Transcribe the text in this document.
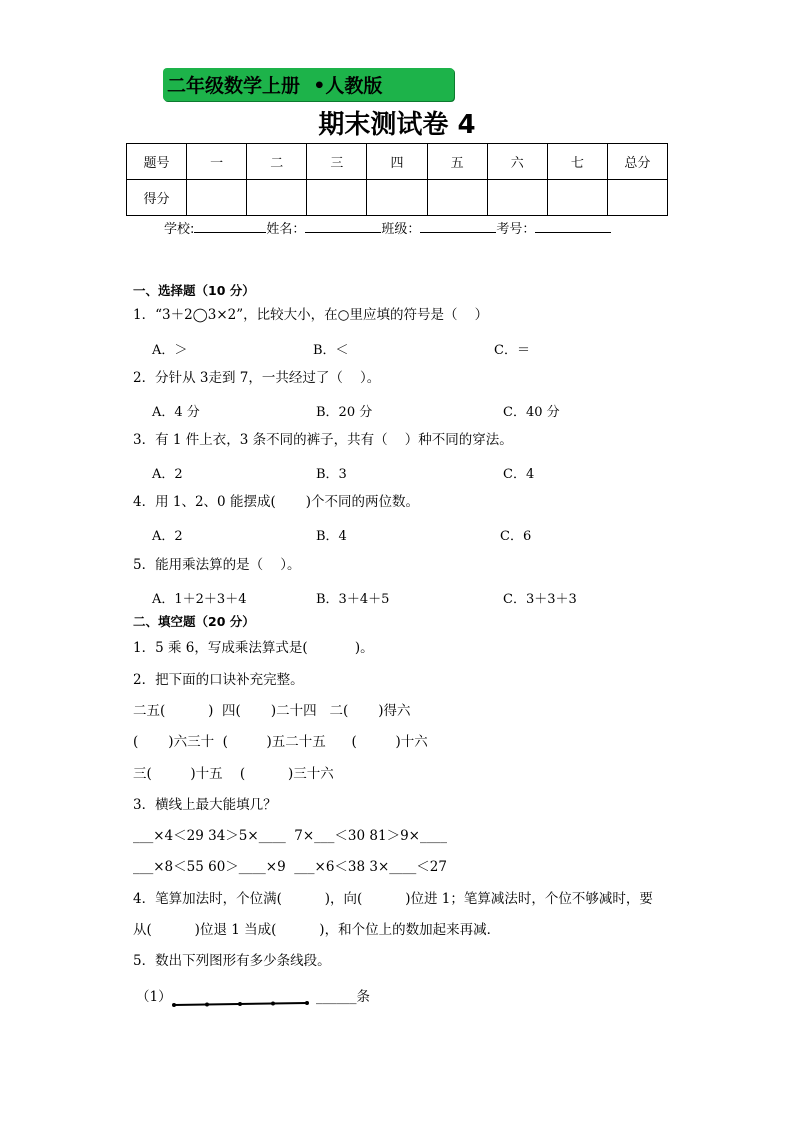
二年级数学上册  •人教版
期末测试卷 4
题号	一	二	三	四	五	六	七	总分
得分								
学校:	姓名：	班级：	考号：
一、选择题（10 分）
1．“3＋2◯3×2”，比较大小，在○里应填的符号是（    ）
A．＞	B．＜	C．＝
2．分针从 3走到 7，一共经过了（    ）。
A．4 分	B．20 分	C．40 分
3．有 1 件上衣，3 条不同的裤子，共有（    ）种不同的穿法。
A．2	B．3	C．4
4．用 1、2、0 能摆成(       )个不同的两位数。
A．2	B．4	C．6
5．能用乘法算的是（    ）。
A．1＋2＋3＋4	B．3＋4＋5	C．3＋3＋3
二、填空题（20 分）
1．5 乘 6，写成乘法算式是(           )。
2．把下面的口诀补充完整。
二五(          )  四(       )二十四   二(       )得六
(       )六三十  (         )五二十五      (         )十六
三(         )十五    (          )三十六
3．横线上最大能填几？
___×4＜29 34＞5×____  7×___＜30 81＞9×____
___×8＜55 60＞____×9  ___×6＜38 3×____＜27
4．笔算加法时，个位满(          )，向(          )位进 1；笔算减法时，个位不够减时，要
从(          )位退 1 当成(          )，和个位上的数加起来再减．
5．数出下列图形有多少条线段。
（1）	______条
